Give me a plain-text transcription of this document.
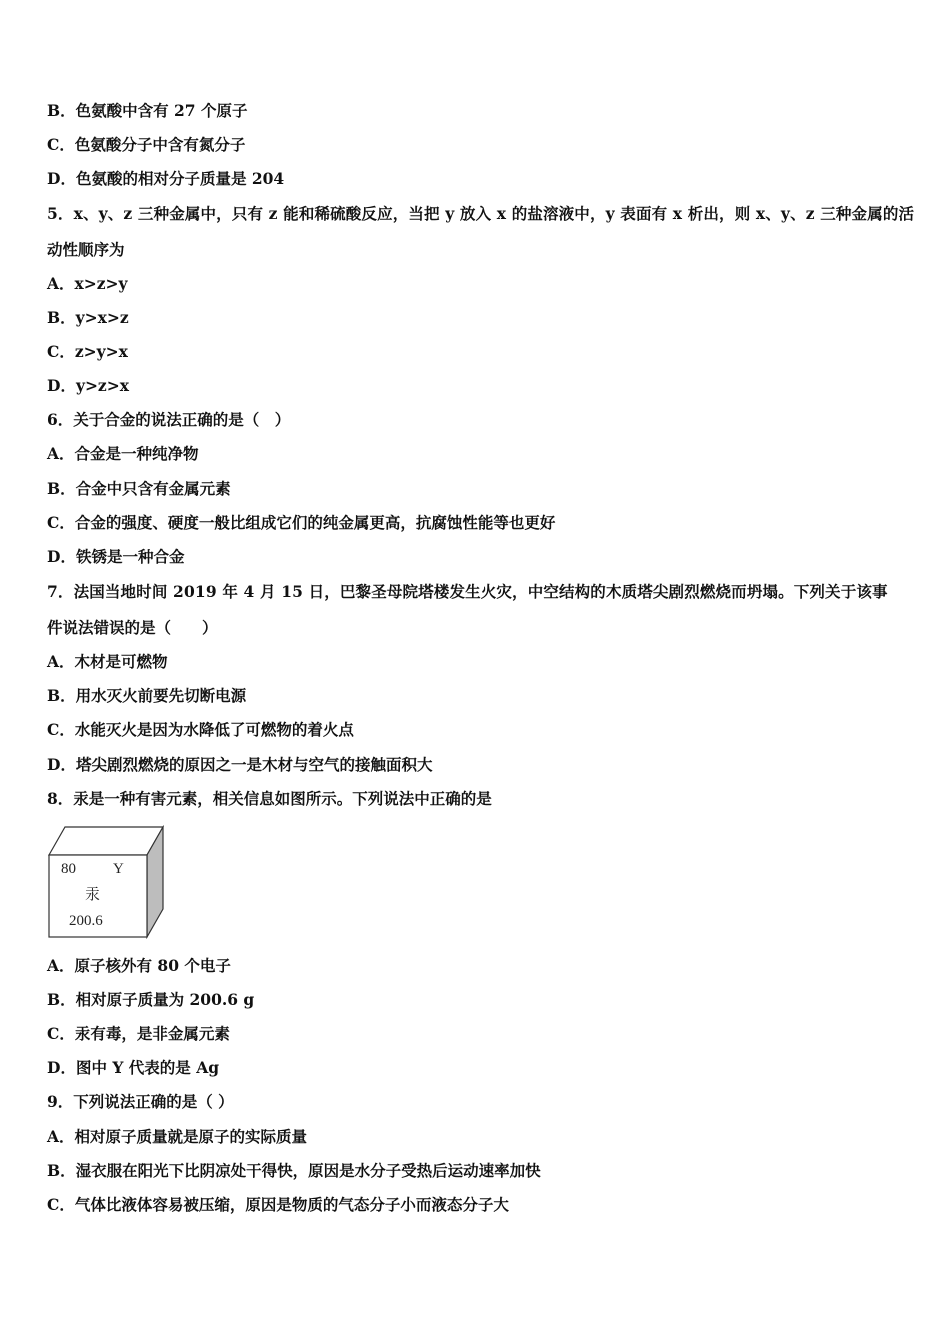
B．色氨酸中含有 27 个原子
C．色氨酸分子中含有氮分子
D．色氨酸的相对分子质量是 204
5．x、y、z 三种金属中，只有 z 能和稀硫酸反应，当把 y 放入 x 的盐溶液中，y 表面有 x 析出，则 x、y、z 三种金属的活
动性顺序为
A．x>z>y
B．y>x>z
C．z>y>x
D．y>z>x
6．关于合金的说法正确的是（　）
A．合金是一种纯净物
B．合金中只含有金属元素
C．合金的强度、硬度一般比组成它们的纯金属更高，抗腐蚀性能等也更好
D．铁锈是一种合金
7．法国当地时间 2019 年 4 月 15 日，巴黎圣母院塔楼发生火灾，中空结构的木质塔尖剧烈燃烧而坍塌。下列关于该事
件说法错误的是（　　）
A．木材是可燃物
B．用水灭火前要先切断电源
C．水能灭火是因为水降低了可燃物的着火点
D．塔尖剧烈燃烧的原因之一是木材与空气的接触面积大
8．汞是一种有害元素，相关信息如图所示。下列说法中正确的是
80 Y
汞
200.6
A．原子核外有 80 个电子
B．相对原子质量为 200.6 g
C．汞有毒，是非金属元素
D．图中 Y 代表的是 Ag
9．下列说法正确的是（ ）
A．相对原子质量就是原子的实际质量
B．湿衣服在阳光下比阴凉处干得快，原因是水分子受热后运动速率加快
C．气体比液体容易被压缩，原因是物质的气态分子小而液态分子大
